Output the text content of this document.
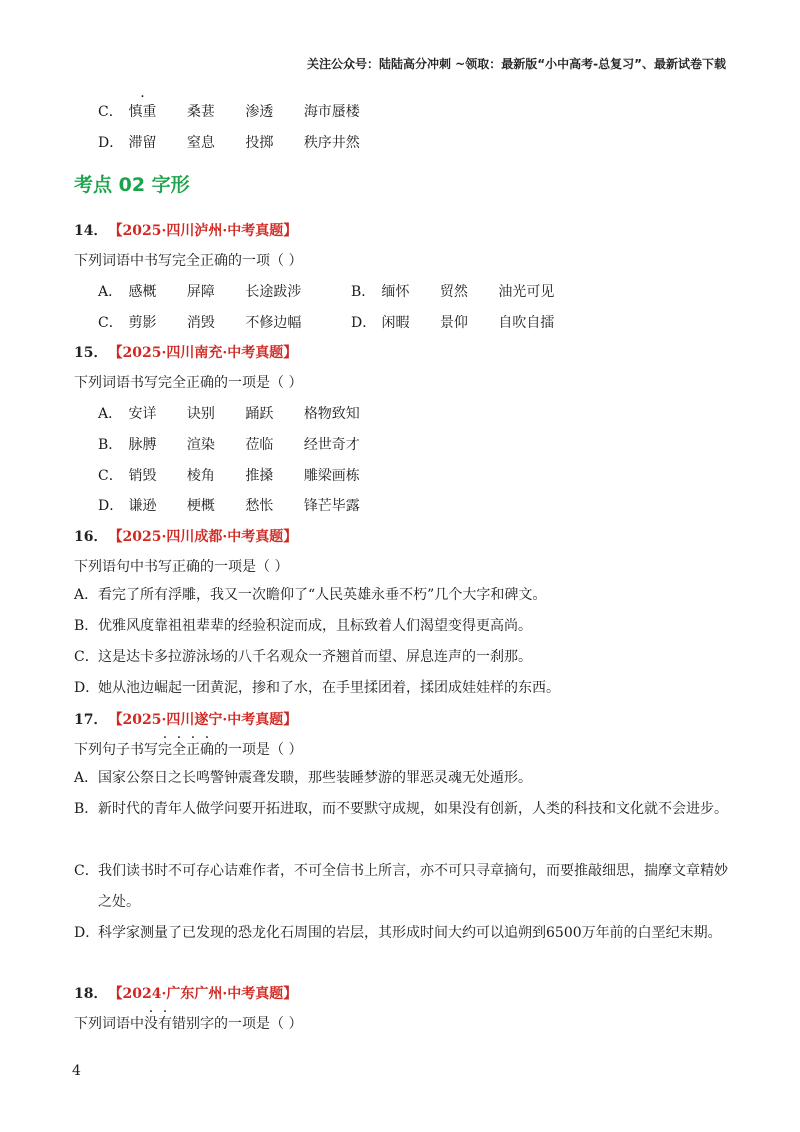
关注公众号：陆陆高分冲刺 ~领取：最新版“小中高考-总复习”、最新试卷下载
C． 慎重 桑葚 渗透 海市蜃楼
D． 滞留 窒息 投掷 秩序井然
考点 02 字形
14． 【2025·四川泸州·中考真题】
下列词语中书写完全正确的一项（ ）
A． 感概 屏障 长途跋涉	B． 缅怀 贸然 油光可见
C． 剪影 消毁 不修边幅	D． 闲暇 景仰 自吹自擂
15． 【2025·四川南充·中考真题】
下列词语书写完全正确的一项是（ ）
A． 安详 诀别 踊跃 格物致知
B． 脉膊 渲染 莅临 经世奇才
C． 销毁 棱角 推搡 雕梁画栋
D． 谦逊 梗概 愁怅 锋芒毕露
16． 【2025·四川成都·中考真题】
下列语句中书写正确的一项是（ ）
A．看完了所有浮雕，我又一次瞻仰了“人民英雄永垂不朽”几个大字和碑文。
B．优雅风度靠祖祖辈辈的经验积淀而成，且标致着人们渴望变得更高尚。
C．这是达卡多拉游泳场的八千名观众一齐翘首而望、屏息连声的一刹那。
D．她从池边崛起一团黄泥，掺和了水，在手里揉团着，揉团成娃娃样的东西。
17． 【2025·四川遂宁·中考真题】
下列句子书写完全正确的一项是（ ）
A．国家公祭日之长鸣警钟震聋发聩，那些装睡梦游的罪恶灵魂无处遁形。
B．新时代的青年人做学问要开拓进取，而不要默守成规，如果没有创新，人类的科技和文化就不会进步。
C．我们读书时不可存心诘难作者，不可全信书上所言，亦不可只寻章摘句，而要推敲细思，揣摩文章精妙之处。
D．科学家测量了已发现的恐龙化石周围的岩层，其形成时间大约可以追朔到6500万年前的白垩纪末期。
18． 【2024·广东广州·中考真题】
下列词语中没有错别字的一项是（ ）
4
